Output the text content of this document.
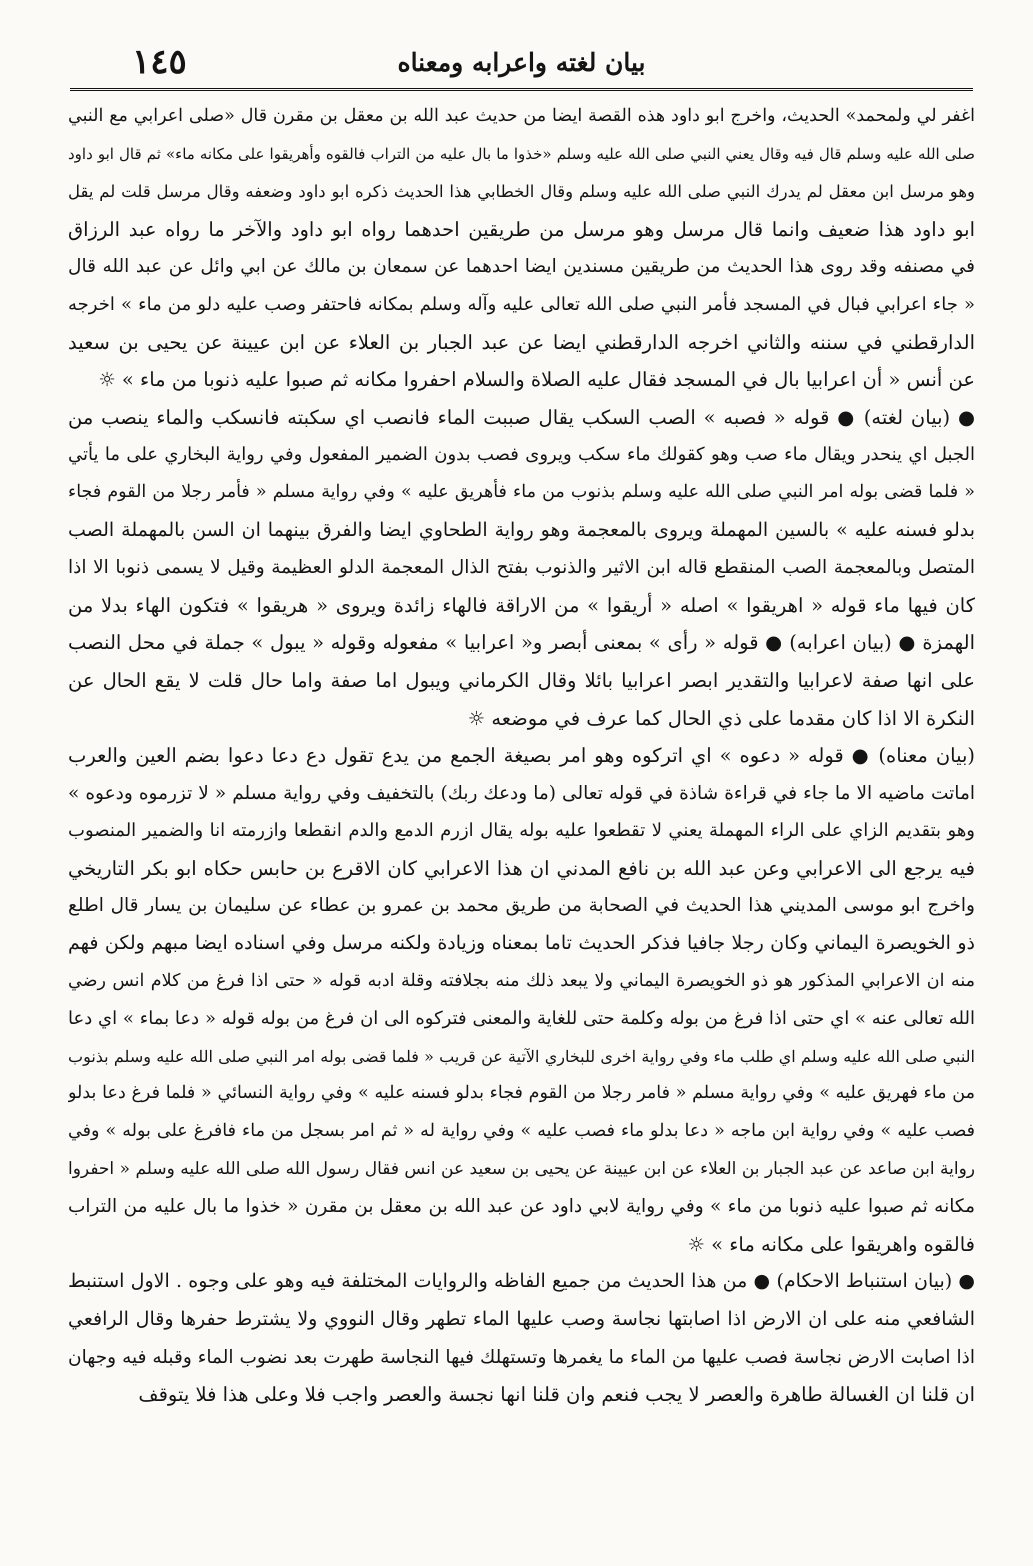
١٤٥	بيان لغته واعرابه ومعناه
اغفر لي ولمحمد» الحديث، واخرج ابو داود هذه القصة ايضا من حديث عبد الله بن معقل بن مقرن قال «صلى اعرابي مع النبي
صلى الله عليه وسلم قال فيه وقال يعني النبي صلى الله عليه وسلم «خذوا ما بال عليه من التراب فالقوه وأهريقوا على مكانه ماء» ثم قال ابو داود
وهو مرسل ابن معقل لم يدرك النبي صلى الله عليه وسلم وقال الخطابي هذا الحديث ذكره ابو داود وضعفه وقال مرسل قلت لم يقل
ابو داود هذا ضعيف وانما قال مرسل وهو مرسل من طريقين احدهما رواه ابو داود والآخر ما رواه عبد الرزاق
في مصنفه وقد روى هذا الحديث من طريقين مسندين ايضا احدهما عن سمعان بن مالك عن ابي وائل عن عبد الله قال
« جاء اعرابي فبال في المسجد فأمر النبي صلى الله تعالى عليه وآله وسلم بمكانه فاحتفر وصب عليه دلو من ماء » اخرجه
الدارقطني في سننه والثاني اخرجه الدارقطني ايضا عن عبد الجبار بن العلاء عن ابن عيينة عن يحيى بن سعيد
عن أنس « أن اعرابيا بال في المسجد فقال عليه الصلاة والسلام احفروا مكانه ثم صبوا عليه ذنوبا من ماء » ☼
● (بيان لغته) ● قوله « فصبه » الصب السكب يقال صببت الماء فانصب اي سكبته فانسكب والماء ينصب من
الجبل اي ينحدر ويقال ماء صب وهو كقولك ماء سكب ويروى فصب بدون الضمير المفعول وفي رواية البخاري على ما يأتي
« فلما قضى بوله امر النبي صلى الله عليه وسلم بذنوب من ماء فأهريق عليه » وفي رواية مسلم « فأمر رجلا من القوم فجاء
بدلو فسنه عليه » بالسين المهملة ويروى بالمعجمة وهو رواية الطحاوي ايضا والفرق بينهما ان السن بالمهملة الصب
المتصل وبالمعجمة الصب المنقطع قاله ابن الاثير والذنوب بفتح الذال المعجمة الدلو العظيمة وقيل لا يسمى ذنوبا الا اذا
كان فيها ماء قوله « اهريقوا » اصله « أريقوا » من الاراقة فالهاء زائدة ويروى « هريقوا » فتكون الهاء بدلا من
الهمزة ● (بيان اعرابه) ● قوله « رأى » بمعنى أبصر و« اعرابيا » مفعوله وقوله « يبول » جملة في محل النصب
على انها صفة لاعرابيا والتقدير ابصر اعرابيا بائلا وقال الكرماني ويبول اما صفة واما حال قلت لا يقع الحال عن
النكرة الا اذا كان مقدما على ذي الحال كما عرف في موضعه ☼
(بيان معناه) ● قوله « دعوه » اي اتركوه وهو امر بصيغة الجمع من يدع تقول دع دعا دعوا بضم العين والعرب
اماتت ماضيه الا ما جاء في قراءة شاذة في قوله تعالى (ما ودعك ربك) بالتخفيف وفي رواية مسلم « لا تزرموه ودعوه »
وهو بتقديم الزاي على الراء المهملة يعني لا تقطعوا عليه بوله يقال ازرم الدمع والدم انقطعا وازرمته انا والضمير المنصوب
فيه يرجع الى الاعرابي وعن عبد الله بن نافع المدني ان هذا الاعرابي كان الاقرع بن حابس حكاه ابو بكر التاريخي
واخرج ابو موسى المديني هذا الحديث في الصحابة من طريق محمد بن عمرو بن عطاء عن سليمان بن يسار قال اطلع
ذو الخويصرة اليماني وكان رجلا جافيا فذكر الحديث تاما بمعناه وزيادة ولكنه مرسل وفي اسناده ايضا مبهم ولكن فهم
منه ان الاعرابي المذكور هو ذو الخويصرة اليماني ولا يبعد ذلك منه بجلافته وقلة ادبه قوله « حتى اذا فرغ من كلام انس رضي
الله تعالى عنه » اي حتى اذا فرغ من بوله وكلمة حتى للغاية والمعنى فتركوه الى ان فرغ من بوله قوله « دعا بماء » اي دعا
النبي صلى الله عليه وسلم اي طلب ماء وفي رواية اخرى للبخاري الآتية عن قريب « فلما قضى بوله امر النبي صلى الله عليه وسلم بذنوب
من ماء فهريق عليه » وفي رواية مسلم « فامر رجلا من القوم فجاء بدلو فسنه عليه » وفي رواية النسائي « فلما فرغ دعا بدلو
فصب عليه » وفي رواية ابن ماجه « دعا بدلو ماء فصب عليه » وفي رواية له « ثم امر بسجل من ماء فافرغ على بوله » وفي
رواية ابن صاعد عن عبد الجبار بن العلاء عن ابن عيينة عن يحيى بن سعيد عن انس فقال رسول الله صلى الله عليه وسلم « احفروا
مكانه ثم صبوا عليه ذنوبا من ماء » وفي رواية لابي داود عن عبد الله بن معقل بن مقرن « خذوا ما بال عليه من التراب
فالقوه واهريقوا على مكانه ماء » ☼
● (بيان استنباط الاحكام) ● من هذا الحديث من جميع الفاظه والروايات المختلفة فيه وهو على وجوه . الاول استنبط
الشافعي منه على ان الارض اذا اصابتها نجاسة وصب عليها الماء تطهر وقال النووي ولا يشترط حفرها وقال الرافعي
اذا اصابت الارض نجاسة فصب عليها من الماء ما يغمرها وتستهلك فيها النجاسة طهرت بعد نضوب الماء وقبله فيه وجهان
ان قلنا ان الغسالة طاهرة والعصر لا يجب فنعم وان قلنا انها نجسة والعصر واجب فلا وعلى هذا فلا يتوقف
